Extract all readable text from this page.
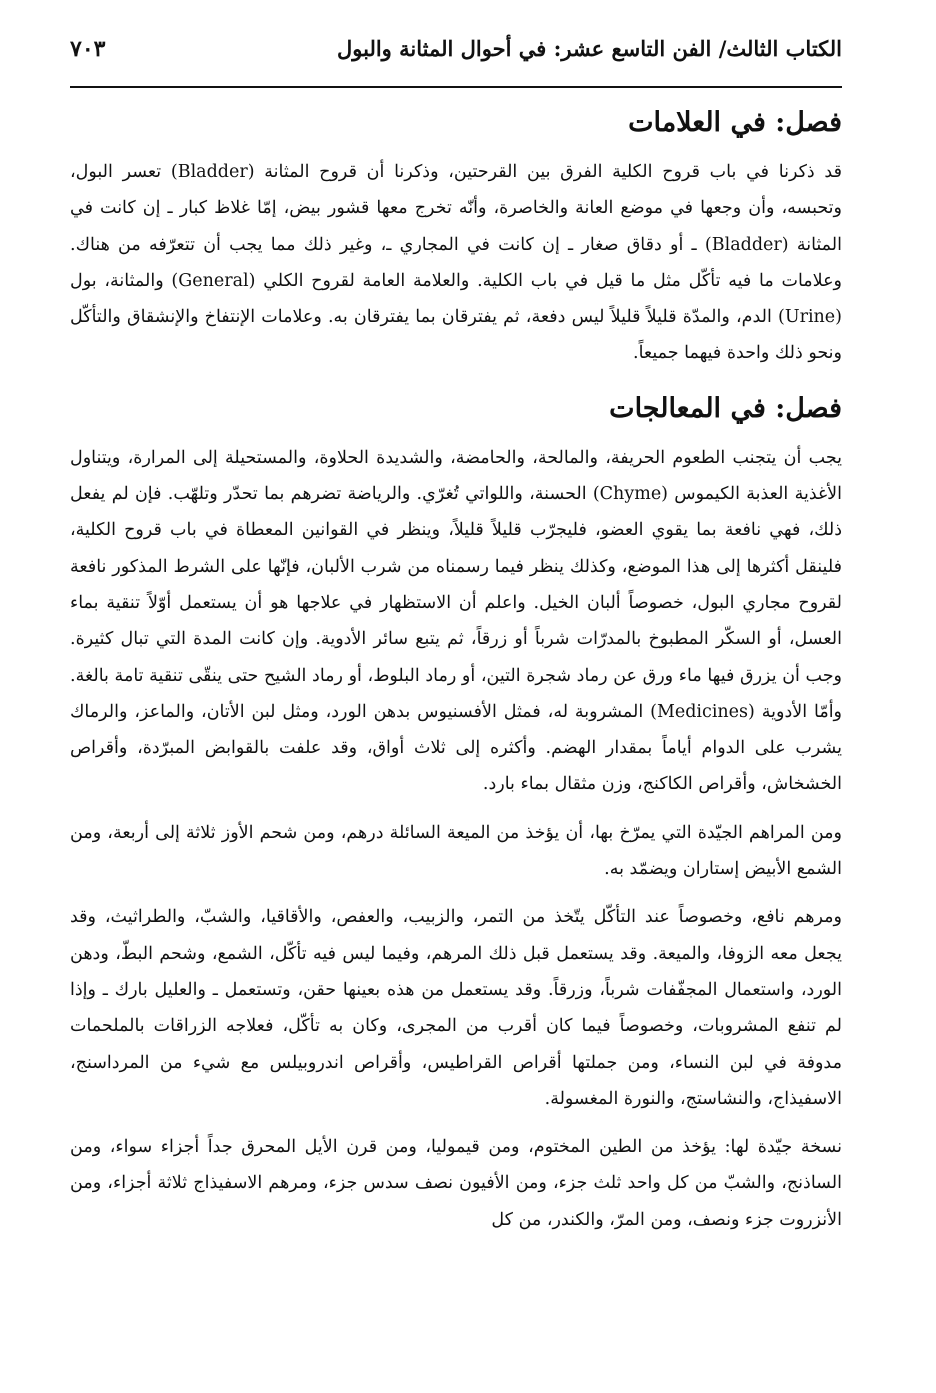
الكتاب الثالث/ الفن التاسع عشر: في أحوال المثانة والبول
٧٠٣
فصل: في العلامات

قد ذكرنا في باب قروح الكلية الفرق بين القرحتين، وذكرنا أن قروح المثانة (Bladder) تعسر البول، وتحبسه، وأن وجعها في موضع العانة والخاصرة، وأنّه تخرج معها قشور بيض، إمّا غلاظ كبار ـ إن كانت في المثانة (Bladder) ـ أو دقاق صغار ـ إن كانت في المجاري ـ، وغير ذلك مما يجب أن تتعرّفه من هناك. وعلامات ما فيه تأكّل مثل ما قيل في باب الكلية. والعلامة العامة لقروح الكلي (General) والمثانة، بول (Urine) الدم، والمدّة قليلاً قليلاً ليس دفعة، ثم يفترقان بما يفترقان به. وعلامات الإنتفاخ والإنشقاق والتأكّل ونحو ذلك واحدة فيهما جميعاً.

فصل: في المعالجات

يجب أن يتجنب الطعوم الحريفة، والمالحة، والحامضة، والشديدة الحلاوة، والمستحيلة إلى المرارة، ويتناول الأغذية العذبة الكيموس (Chyme) الحسنة، واللواتي تُغرّي. والرياضة تضرهم بما تحدّر وتلهّب. فإن لم يفعل ذلك، فهي نافعة بما يقوي العضو، فليجرّب قليلاً قليلاً، وينظر في القوانين المعطاة في باب قروح الكلية، فلينقل أكثرها إلى هذا الموضع، وكذلك ينظر فيما رسمناه من شرب الألبان، فإنّها على الشرط المذكور نافعة لقروح مجاري البول، خصوصاً ألبان الخيل. واعلم أن الاستظهار في علاجها هو أن يستعمل أوّلاً تنقية بماء العسل، أو السكّر المطبوخ بالمدرّات شرباً أو زرقاً، ثم يتبع سائر الأدوية. وإن كانت المدة التي تبال كثيرة. وجب أن يزرق فيها ماء ورق عن رماد شجرة التين، أو رماد البلوط، أو رماد الشيح حتى ينقّى تنقية تامة بالغة. وأمّا الأدوية (Medicines) المشروبة له، فمثل الأفسنيوس بدهن الورد، ومثل لبن الأتان، والماعز، والرماك يشرب على الدوام أياماً بمقدار الهضم. وأكثره إلى ثلاث أواق، وقد علفت بالقوابض المبرّدة، وأقراص الخشخاش، وأقراص الكاكنج، وزن مثقال بماء بارد.

ومن المراهم الجيّدة التي يمرّخ بها، أن يؤخذ من الميعة السائلة درهم، ومن شحم الأوز ثلاثة إلى أربعة، ومن الشمع الأبيض إستاران ويضمّد به.

ومرهم نافع، وخصوصاً عند التأكّل يتّخذ من التمر، والزبيب، والعفص، والأقاقيا، والشبّ، والطراثيث، وقد يجعل معه الزوفا، والميعة. وقد يستعمل قبل ذلك المرهم، وفيما ليس فيه تأكّل، الشمع، وشحم البطّ، ودهن الورد، واستعمال المجفّفات شرباً، وزرقاً. وقد يستعمل من هذه بعينها حقن، وتستعمل ـ والعليل بارك ـ وإذا لم تنفع المشروبات، وخصوصاً فيما كان أقرب من المجرى، وكان به تأكّل، فعلاجه الزراقات بالملحمات مدوفة في لبن النساء، ومن جملتها أقراص القراطيس، وأقراص اندروبيلس مع شيء من المرداسنج، الاسفيذاج، والنشاستج، والنورة المغسولة.

نسخة جيّدة لها: يؤخذ من الطين المختوم، ومن قيموليا، ومن قرن الأيل المحرق جداً أجزاء سواء، ومن الساذنج، والشبّ من كل واحد ثلث جزء، ومن الأفيون نصف سدس جزء، ومرهم الاسفيذاج ثلاثة أجزاء، ومن الأنزروت جزء ونصف، ومن المرّ، والكندر، من كل
